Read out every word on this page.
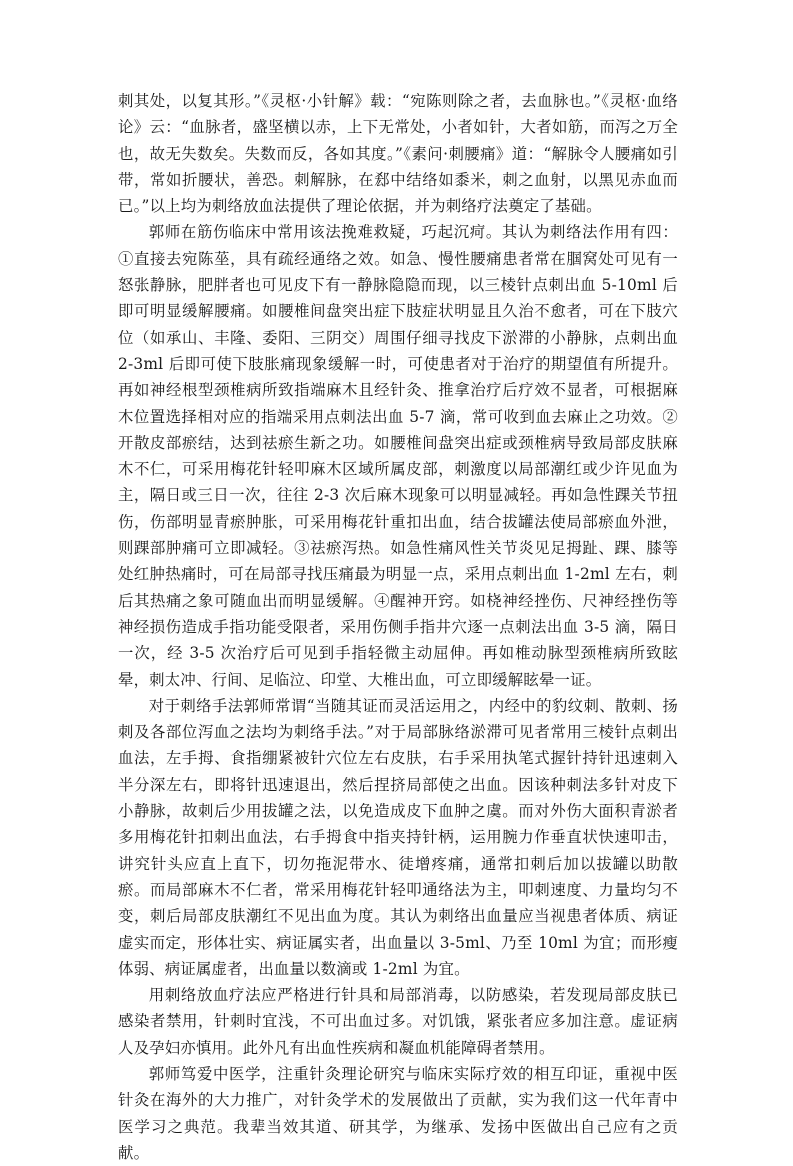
刺其处，以复其形。”《灵枢·小针解》载：“宛陈则除之者，去血脉也。”《灵枢·血络论》云：“血脉者，盛坚横以赤，上下无常处，小者如针，大者如筋，而泻之万全也，故无失数矣。失数而反，各如其度。”《素问·刺腰痛》道：“解脉令人腰痛如引带，常如折腰状，善恐。刺解脉，在郄中结络如黍米，刺之血射，以黑见赤血而已。”以上均为刺络放血法提供了理论依据，并为刺络疗法奠定了基础。

郭师在筋伤临床中常用该法挽难救疑，巧起沉疴。其认为刺络法作用有四：①直接去宛陈莝，具有疏经通络之效。如急、慢性腰痛患者常在腘窝处可见有一怒张静脉，肥胖者也可见皮下有一静脉隐隐而现，以三棱针点刺出血 5-10ml 后即可明显缓解腰痛。如腰椎间盘突出症下肢症状明显且久治不愈者，可在下肢穴位（如承山、丰隆、委阳、三阴交）周围仔细寻找皮下淤滞的小静脉，点刺出血 2-3ml 后即可使下肢胀痛现象缓解一时，可使患者对于治疗的期望值有所提升。再如神经根型颈椎病所致指端麻木且经针灸、推拿治疗后疗效不显者，可根据麻木位置选择相对应的指端采用点刺法出血 5-7 滴，常可收到血去麻止之功效。②开散皮部瘀结，达到祛瘀生新之功。如腰椎间盘突出症或颈椎病导致局部皮肤麻木不仁，可采用梅花针轻叩麻木区域所属皮部，刺激度以局部潮红或少许见血为主，隔日或三日一次，往往 2-3 次后麻木现象可以明显减轻。再如急性踝关节扭伤，伤部明显青瘀肿胀，可采用梅花针重扣出血，结合拔罐法使局部瘀血外泄，则踝部肿痛可立即减轻。③祛瘀泻热。如急性痛风性关节炎见足拇趾、踝、膝等处红肿热痛时，可在局部寻找压痛最为明显一点，采用点刺出血 1-2ml 左右，刺后其热痛之象可随血出而明显缓解。④醒神开窍。如桡神经挫伤、尺神经挫伤等神经损伤造成手指功能受限者，采用伤侧手指井穴逐一点刺法出血 3-5 滴，隔日一次，经 3-5 次治疗后可见到手指轻微主动屈伸。再如椎动脉型颈椎病所致眩晕，刺太冲、行间、足临泣、印堂、大椎出血，可立即缓解眩晕一证。

对于刺络手法郭师常谓“当随其证而灵活运用之，内经中的豹纹刺、散刺、扬刺及各部位泻血之法均为刺络手法。”对于局部脉络淤滞可见者常用三棱针点刺出血法，左手拇、食指绷紧被针穴位左右皮肤，右手采用执笔式握针持针迅速刺入半分深左右，即将针迅速退出，然后捏挤局部使之出血。因该种刺法多针对皮下小静脉，故刺后少用拔罐之法，以免造成皮下血肿之虞。而对外伤大面积青淤者多用梅花针扣刺出血法，右手拇食中指夹持针柄，运用腕力作垂直状快速叩击，讲究针头应直上直下，切勿拖泥带水、徒增疼痛，通常扣刺后加以拔罐以助散瘀。而局部麻木不仁者，常采用梅花针轻叩通络法为主，叩刺速度、力量均匀不变，刺后局部皮肤潮红不见出血为度。其认为刺络出血量应当视患者体质、病证虚实而定，形体壮实、病证属实者，出血量以 3-5ml、乃至 10ml 为宜；而形瘦体弱、病证属虚者，出血量以数滴或 1-2ml 为宜。

用刺络放血疗法应严格进行针具和局部消毒，以防感染，若发现局部皮肤已感染者禁用，针刺时宜浅，不可出血过多。对饥饿，紧张者应多加注意。虚证病人及孕妇亦慎用。此外凡有出血性疾病和凝血机能障碍者禁用。

郭师笃爱中医学，注重针灸理论研究与临床实际疗效的相互印证，重视中医针灸在海外的大力推广，对针灸学术的发展做出了贡献，实为我们这一代年青中医学习之典范。我辈当效其道、研其学，为继承、发扬中医做出自己应有之贡献。
